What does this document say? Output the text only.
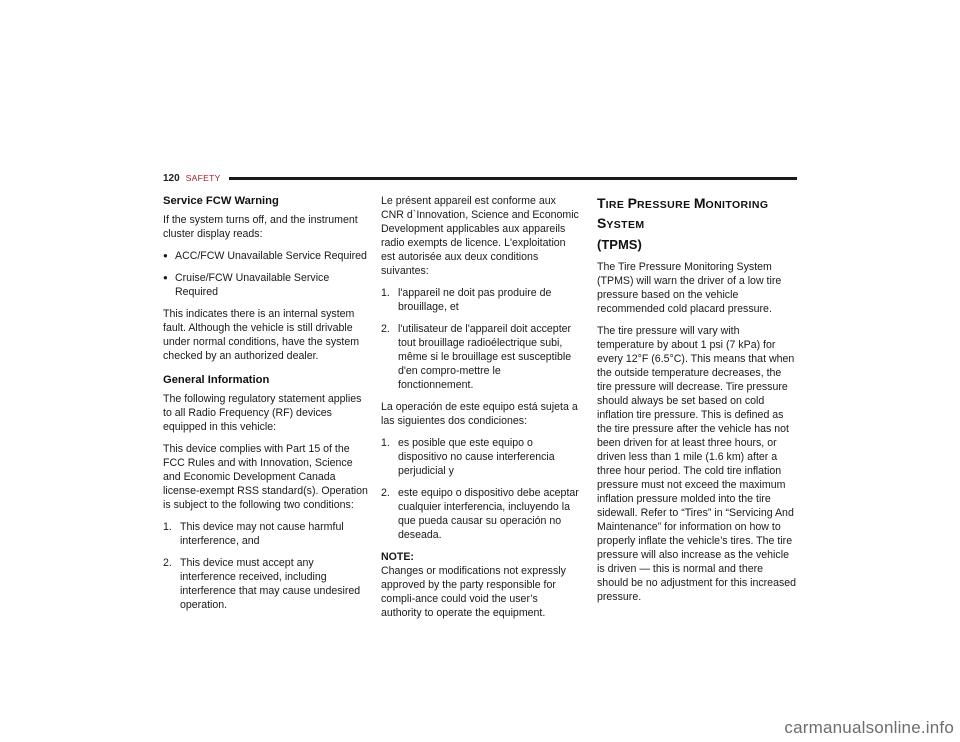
120 SAFETY
Service FCW Warning

If the system turns off, and the instrument cluster display reads:

● ACC/FCW Unavailable Service Required
● Cruise/FCW Unavailable Service Required

This indicates there is an internal system fault. Although the vehicle is still drivable under normal conditions, have the system checked by an authorized dealer.

General Information

The following regulatory statement applies to all Radio Frequency (RF) devices equipped in this vehicle:

This device complies with Part 15 of the FCC Rules and with Innovation, Science and Economic Development Canada license-exempt RSS standard(s). Operation is subject to the following two conditions:

1. This device may not cause harmful interference, and
2. This device must accept any interference received, including interference that may cause undesired operation.

Le présent appareil est conforme aux CNR d`Innovation, Science and Economic Development applicables aux appareils radio exempts de licence. L'exploitation est autorisée aux deux conditions suivantes:

1. l'appareil ne doit pas produire de brouillage, et
2. l'utilisateur de l'appareil doit accepter tout brouillage radioélectrique subi, même si le brouillage est susceptible d'en compro-mettre le fonctionnement.

La operación de este equipo está sujeta a las siguientes dos condiciones:

1. es posible que este equipo o dispositivo no cause interferencia perjudicial y
2. este equipo o dispositivo debe aceptar cualquier interferencia, incluyendo la que pueda causar su operación no deseada.

NOTE:

Changes or modifications not expressly approved by the party responsible for compli-ance could void the user’s authority to operate the equipment.

TIRE PRESSURE MONITORING SYSTEM
(TPMS)

The Tire Pressure Monitoring System (TPMS) will warn the driver of a low tire pressure based on the vehicle recommended cold placard pressure.

The tire pressure will vary with temperature by about 1 psi (7 kPa) for every 12°F (6.5°C). This means that when the outside temperature decreases, the tire pressure will decrease. Tire pressure should always be set based on cold inflation tire pressure. This is defined as the tire pressure after the vehicle has not been driven for at least three hours, or driven less than 1 mile (1.6 km) after a three hour period. The cold tire inflation pressure must not exceed the maximum inflation pressure molded into the tire sidewall. Refer to “Tires” in “Servicing And Maintenance” for information on how to properly inflate the vehicle’s tires. The tire pressure will also increase as the vehicle is driven — this is normal and there should be no adjustment for this increased pressure.

carmanualsonline.info
